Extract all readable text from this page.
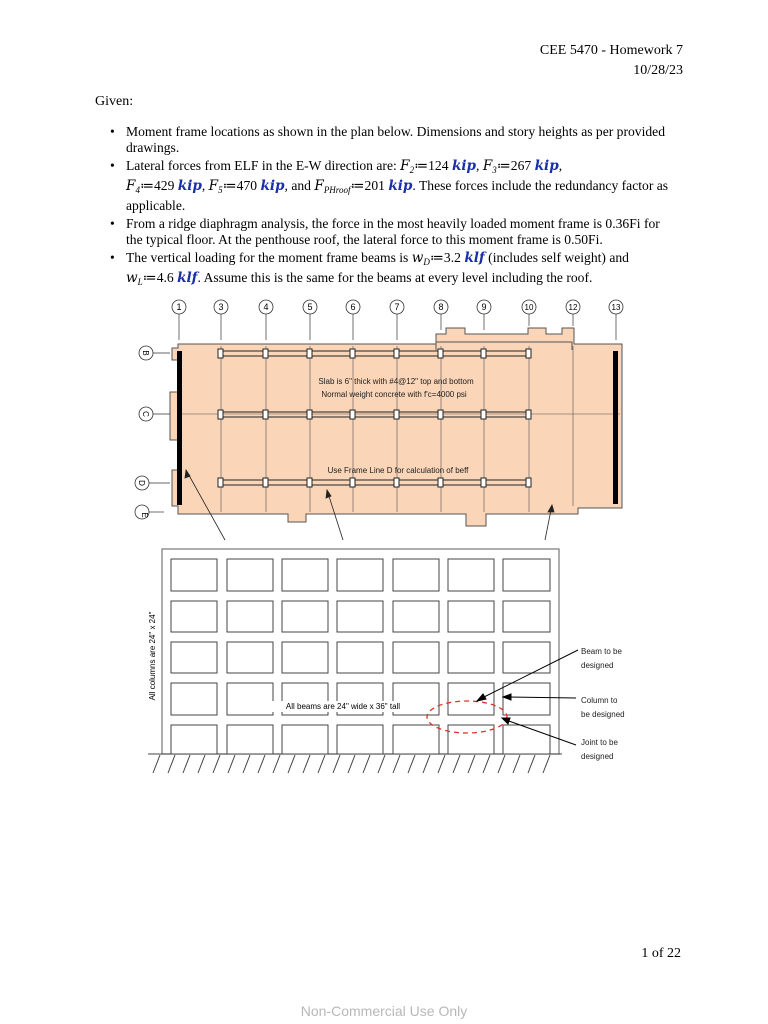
CEE 5470 - Homework 7
10/28/23
Given:
• Moment frame locations as shown in the plan below. Dimensions and story heights as per provided drawings.
• Lateral forces from ELF in the E-W direction are: $F_2≔124$ kip, $F_3≔267$ kip,
$F_4≔429$ kip, $F_5≔470$ kip, and $F_{PHroof}≔201$ kip. These forces include the redundancy factor as applicable.
• From a ridge diaphragm analysis, the force in the most heavily loaded moment frame is 0.36Fi for the typical floor. At the penthouse roof, the lateral force to this moment frame is 0.50Fi.
• The vertical loading for the moment frame beams is $w_D≔3.2$ klf (includes self weight) and
$w_L≔4.6$ klf. Assume this is the same for the beams at every level including the roof.
1	3	4	5	6	7	8	9	10	12	13
B
C
D
E
Slab is 6" thick with #4@12" top and bottom
Normal weight concrete with f'c=4000 psi
Use Frame Line D for calculation of beff
All columns are 24" x 24"
All beams are 24" wide x 36" tall
Beam to be
designed
Column to
be designed
Joint to be
designed
1 of 22
Non-Commercial Use Only
